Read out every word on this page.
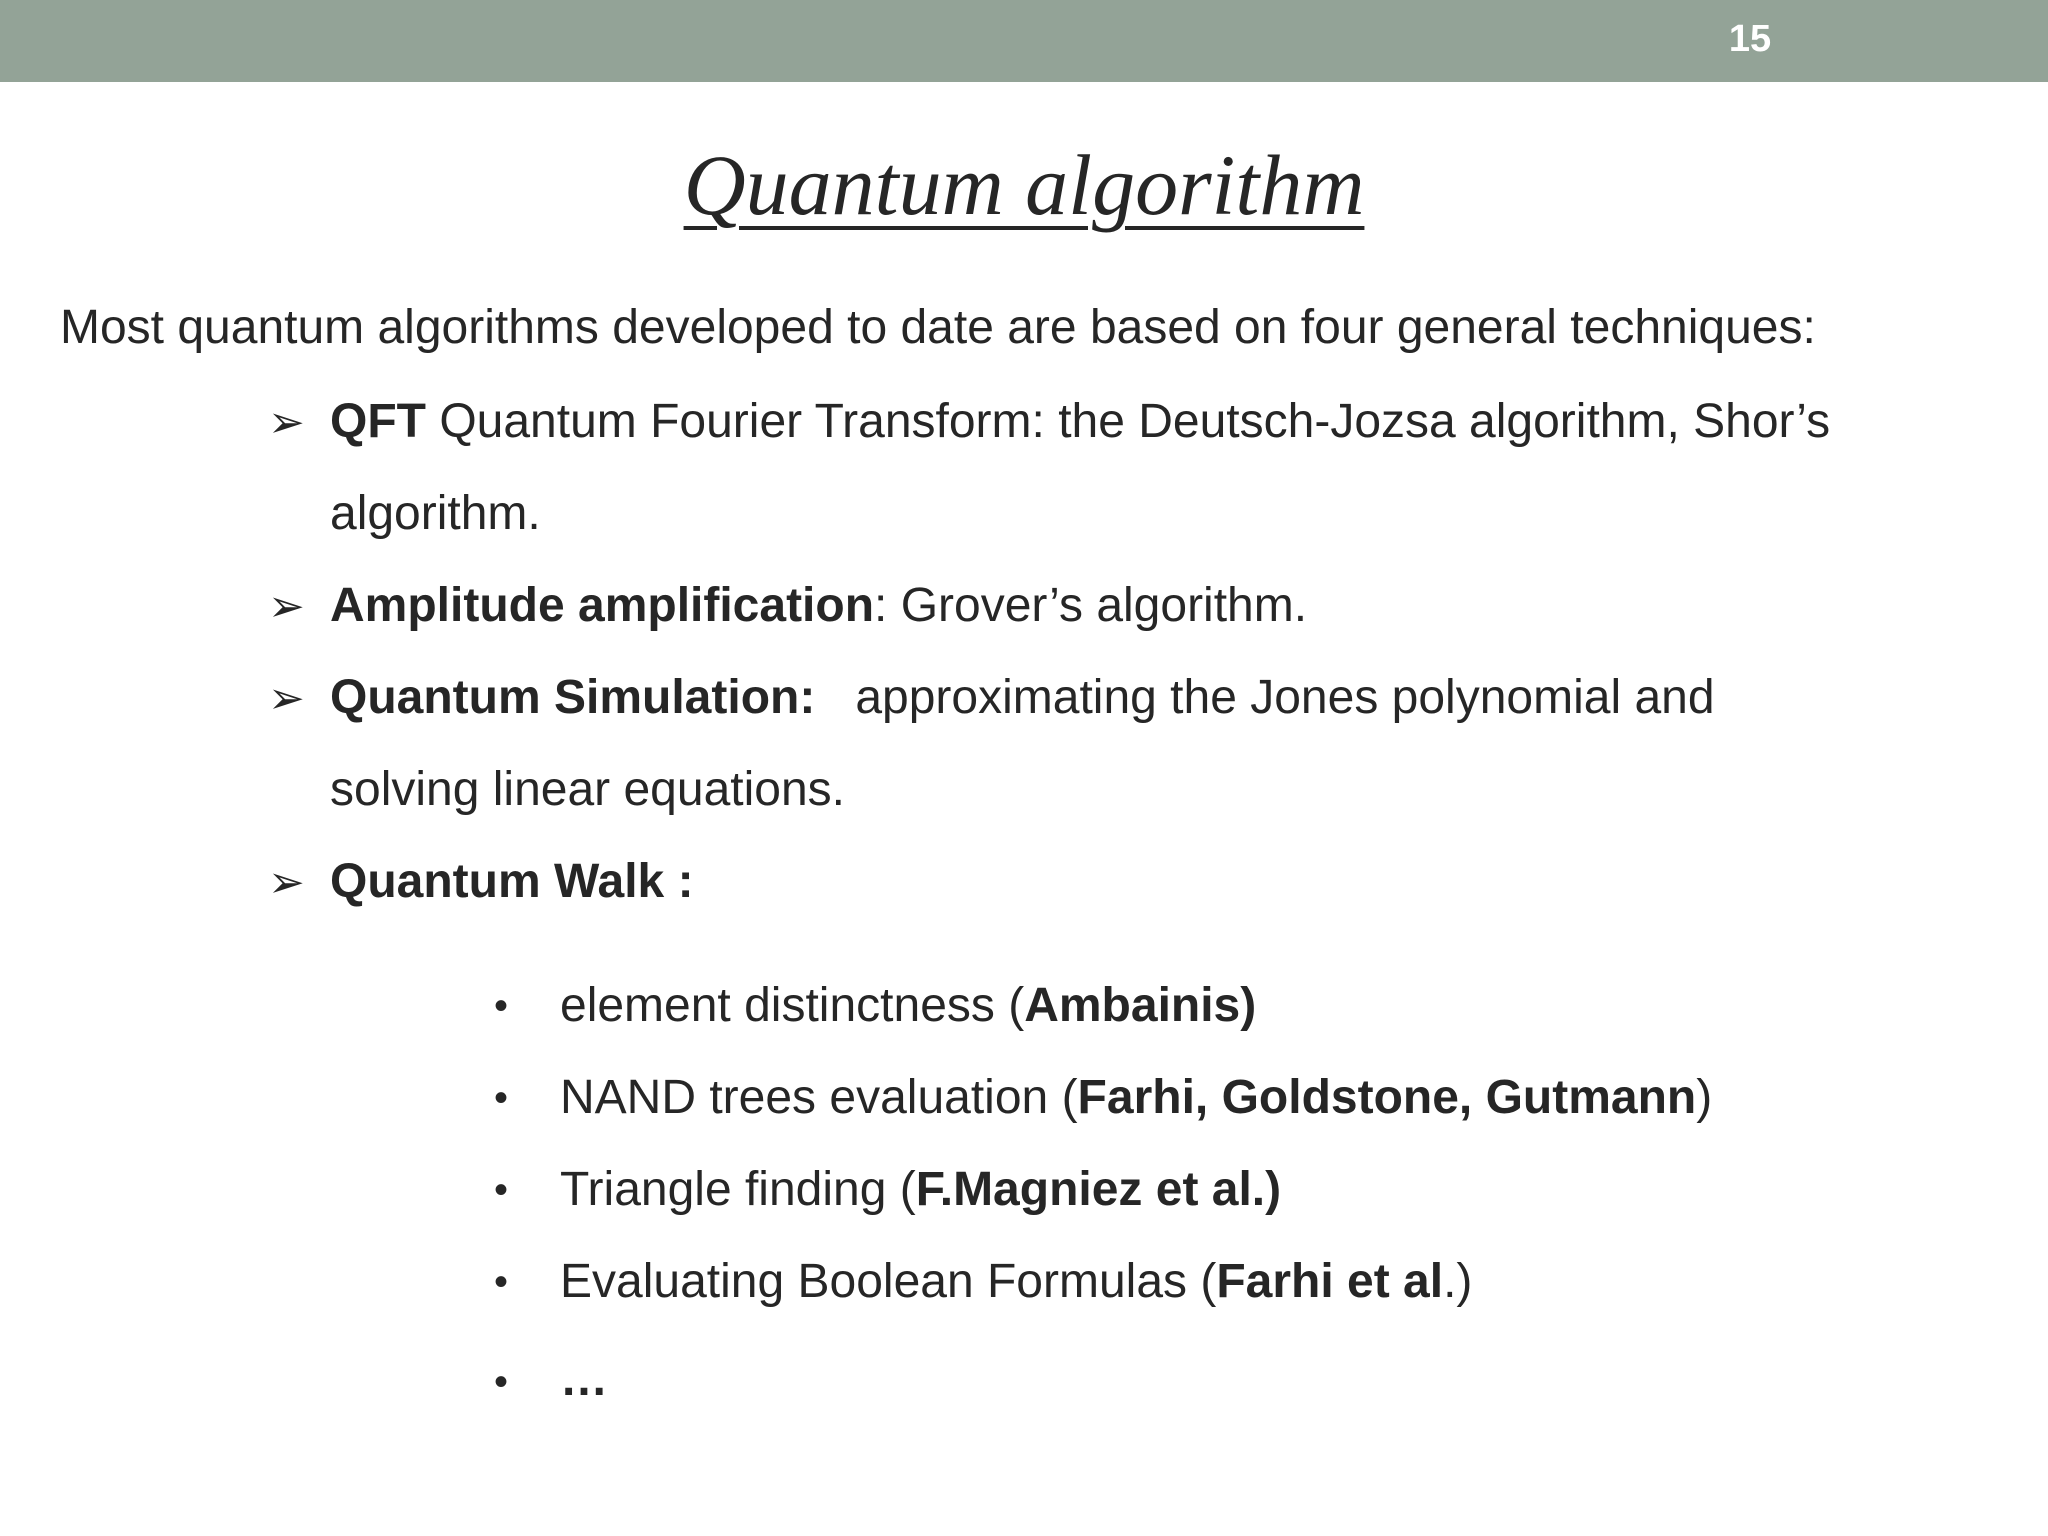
15
Quantum algorithm
Most quantum algorithms developed to date are based on four general techniques:
➢ QFT Quantum Fourier Transform: the Deutsch-Jozsa algorithm, Shor’s
algorithm.
➢ Amplitude amplification: Grover’s algorithm.
➢ Quantum Simulation:   approximating the Jones polynomial and
solving linear equations.
➢ Quantum Walk :
• element distinctness (Ambainis)
• NAND trees evaluation (Farhi, Goldstone, Gutmann)
• Triangle finding (F.Magniez et al.)
• Evaluating Boolean Formulas (Farhi et al.)
• …
